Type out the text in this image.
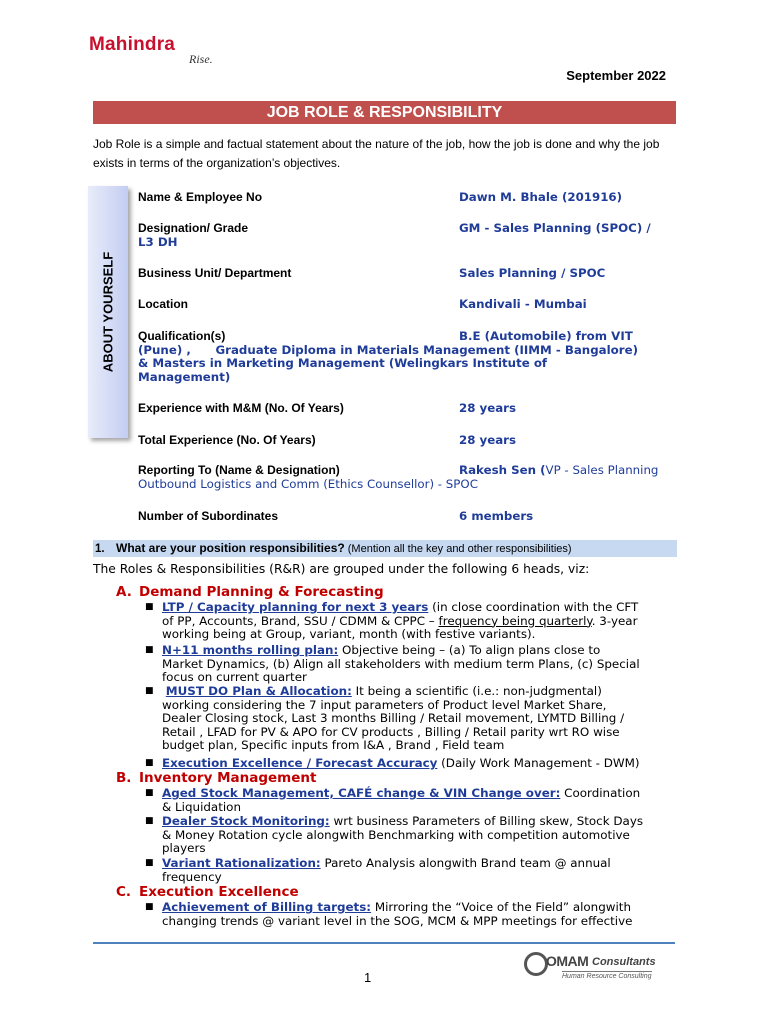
Mahindra
Rise.
September 2022
JOB ROLE & RESPONSIBILITY
Job Role is a simple and factual statement about the nature of the job, how the job is done and why the job exists in terms of the organization’s objectives.
ABOUT YOURSELF
Name & Employee No	Dawn M. Bhale (201916)
Designation/ Grade	GM - Sales Planning (SPOC) /
L3 DH
Business Unit/ Department	Sales Planning / SPOC
Location	Kandivali - Mumbai
Qualification(s)	B.E (Automobile) from VIT
(Pune) ,      Graduate Diploma in Materials Management (IIMM - Bangalore)
& Masters in Marketing Management (Welingkars Institute of
Management)
Experience with M&M (No. Of Years)	28 years
Total Experience (No. Of Years)	28 years
Reporting To (Name & Designation)	Rakesh Sen (VP - Sales Planning
Outbound Logistics and Comm (Ethics Counsellor) - SPOC
Number of Subordinates	6 members
1. What are your position responsibilities? (Mention all the key and other responsibilities)
The Roles & Responsibilities (R&R) are grouped under the following 6 heads, viz:
A. Demand Planning & Forecasting
■ LTP / Capacity planning for next 3 years (in close coordination with the CFT
of PP, Accounts, Brand, SSU / CDMM & CPPC – frequency being quarterly. 3-year
working being at Group, variant, month (with festive variants).
■ N+11 months rolling plan: Objective being – (a) To align plans close to
Market Dynamics, (b) Align all stakeholders with medium term Plans, (c) Special
focus on current quarter
■ MUST DO Plan & Allocation: It being a scientific (i.e.: non-judgmental)
working considering the 7 input parameters of Product level Market Share,
Dealer Closing stock, Last 3 months Billing / Retail movement, LYMTD Billing /
Retail , LFAD for PV & APO for CV products , Billing / Retail parity wrt RO wise
budget plan, Specific inputs from I&A , Brand , Field team
■ Execution Excellence / Forecast Accuracy (Daily Work Management - DWM)
B. Inventory Management
■ Aged Stock Management, CAFÉ change & VIN Change over: Coordination
& Liquidation
■ Dealer Stock Monitoring: wrt business Parameters of Billing skew, Stock Days
& Money Rotation cycle alongwith Benchmarking with competition automotive
players
■ Variant Rationalization: Pareto Analysis alongwith Brand team @ annual
frequency
C. Execution Excellence
■ Achievement of Billing targets: Mirroring the “Voice of the Field” alongwith
changing trends @ variant level in the SOG, MCM & MPP meetings for effective
1
OMAM Consultants
Human Resource Consulting
